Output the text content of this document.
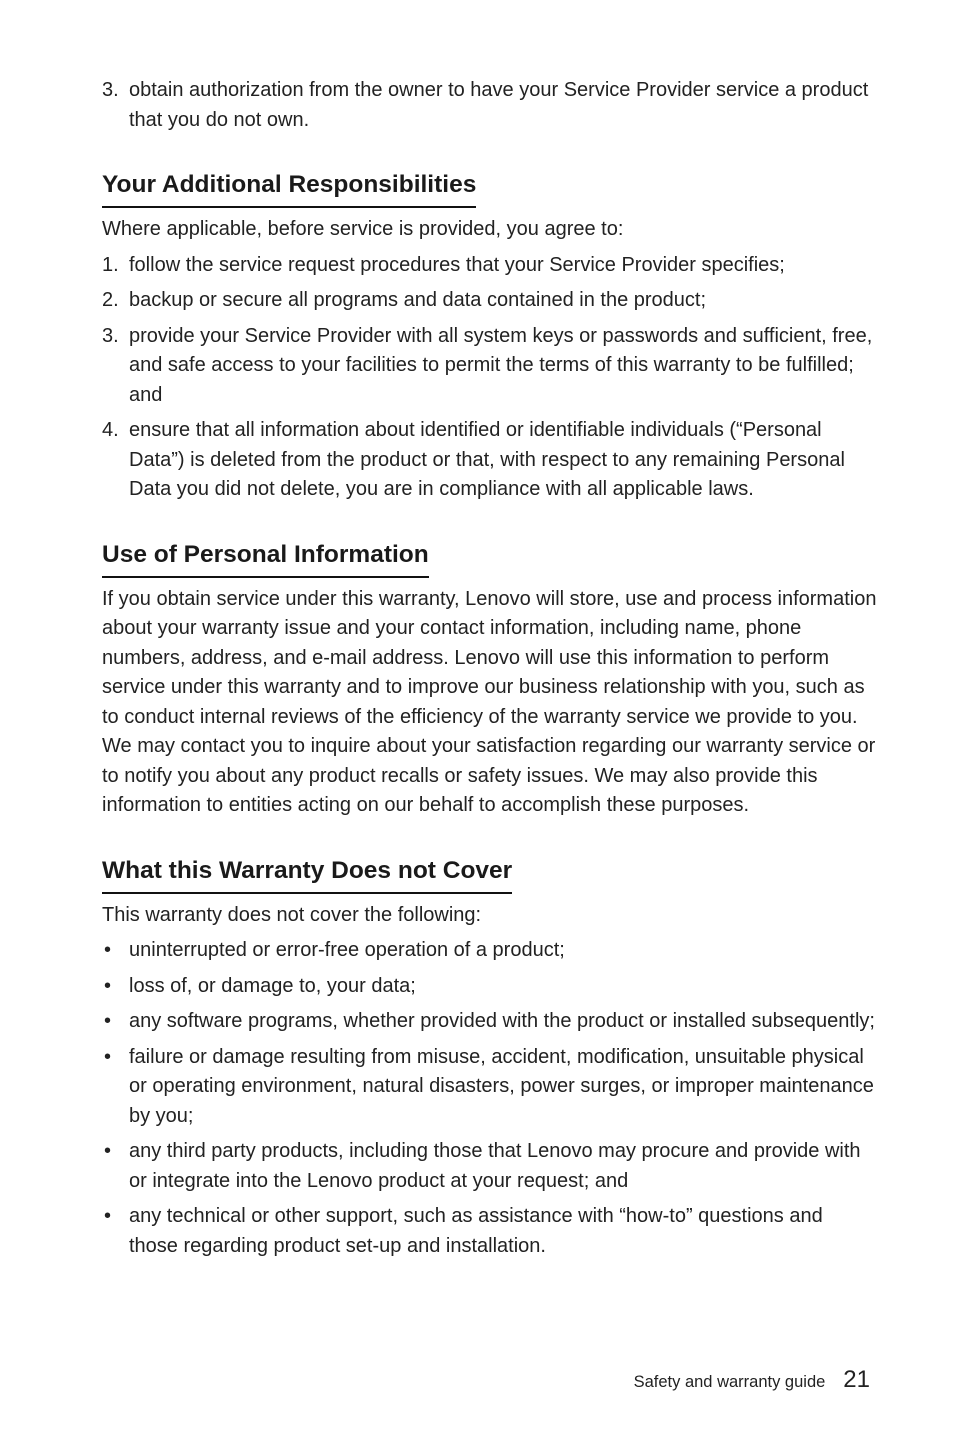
3. obtain authorization from the owner to have your Service Provider service a product that you do not own.

Your Additional Responsibilities

Where applicable, before service is provided, you agree to:

1. follow the service request procedures that your Service Provider specifies;

2. backup or secure all programs and data contained in the product;

3. provide your Service Provider with all system keys or passwords and sufficient, free, and safe access to your facilities to permit the terms of this warranty to be fulfilled; and

4. ensure that all information about identified or identifiable individuals (“Personal Data”) is deleted from the product or that, with respect to any remaining Personal Data you did not delete, you are in compliance with all applicable laws.

Use of Personal Information

If you obtain service under this warranty, Lenovo will store, use and process information about your warranty issue and your contact information, including name, phone numbers, address, and e-mail address. Lenovo will use this information to perform service under this warranty and to improve our business relationship with you, such as to conduct internal reviews of the efficiency of the warranty service we provide to you. We may contact you to inquire about your satisfaction regarding our warranty service or to notify you about any product recalls or safety issues. We may also provide this information to entities acting on our behalf to accomplish these purposes.

What this Warranty Does not Cover

This warranty does not cover the following:

• uninterrupted or error-free operation of a product;

• loss of, or damage to, your data;

• any software programs, whether provided with the product or installed subsequently;

• failure or damage resulting from misuse, accident, modification, unsuitable physical or operating environment, natural disasters, power surges, or improper maintenance by you;

• any third party products, including those that Lenovo may procure and provide with or integrate into the Lenovo product at your request; and

• any technical or other support, such as assistance with “how-to” questions and those regarding product set-up and installation.

Safety and warranty guide 21
